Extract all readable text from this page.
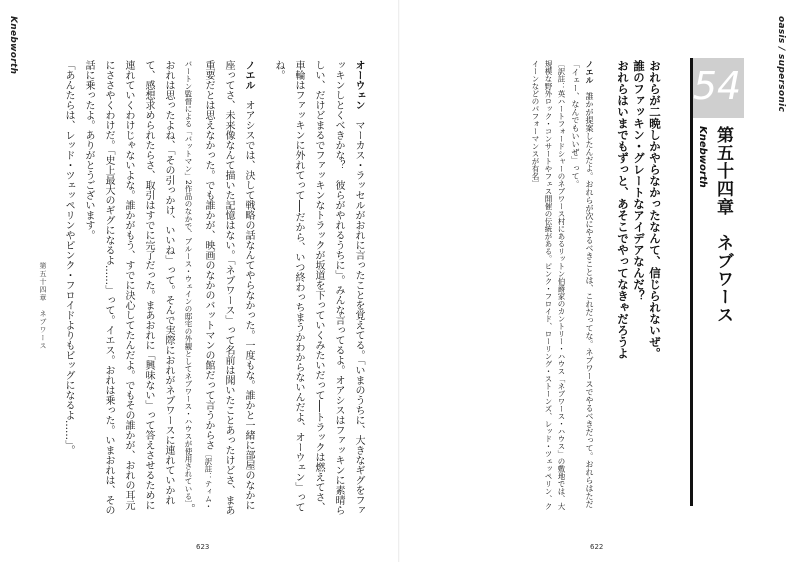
Knebworth
第五十四章　ネブワース

オーウェン　マーカス・ラッセルがおれに言ったことを覚えてる。「いまのうちに、大きなギグをファッキンしとくべきかな？　彼らがやれるうちに」。みんな言ってるよ。オアシスはファッキンに素晴らしい、だけどまるでファッキンなトラックが坂道を下っていくみたいだって──トラックは燃えてさ、車輪はファッキンに外れてって──だから、いつ終わっちまうかわからないんだよ、オーウェン」ってね。

ノエル　オアシスでは、決して戦略の話なんてやらなかった。一度もな。誰かと一緒に部屋のなかに座ってさ、未来像なんて描いた記憶はない。「ネブワース」って名前は聞いたことあったけどさ、まあ重要だとは思えなかった。でも誰かが、映画のなかのバットマンの館だって言うからさ〔訳註：ティム・バートン監督による「バットマン」2作品のなかで、ブルース・ウェインの邸宅の外観としてネブワース・ハウスが使用されている〕。おれは思ったよね、「その引っかけ、いいね」って。そんで実際におれがネブワースに連れていかれて、感想求められたらさ、取引はすでに完了だった。まあおれに「興味ない」って答えさせるために連れていくわけじゃないよな。誰かがもう、すでに決心してたんだよ。でもその誰かが、おれの耳元にささやくわけだ。「史上最大のギグになるよ……」って。イエス。おれは乗った。いまおれは、その話に乗ったよ。ありがとうございます。

「あんたらは、レッド・ツェッペリンやピンク・フロイドよりもビッグになるよ……」。

623
oasis / supersonic
622
54
第五十四章　ネブワース
Knebworth
おれらが二晩しかやらなかったなんて、信じられないぜ。
誰のファッキン・グレートなアイデアなんだ？
おれらはいまでもずっと、あそこでやってなきゃだろうよ

ノエル　誰かが提案したんだよ。おれらが次にやるべきことは、これだってな。ネブワースでやるべきだって。おれらはただ「イェー、なんでもいいぜ」って。

〔訳註：英ハートフォードシャーのネブワース村にあるリットン伯爵家のカントリー・ハウス「ネブワース・ハウス」の敷地では、大規模な野外ロック・コンサートやフェス開催の伝統がある。ピンク・フロイド、ローリング・ストーンズ、レッド・ツェッペリン、クイーンなどのパフォーマンスが有名〕
